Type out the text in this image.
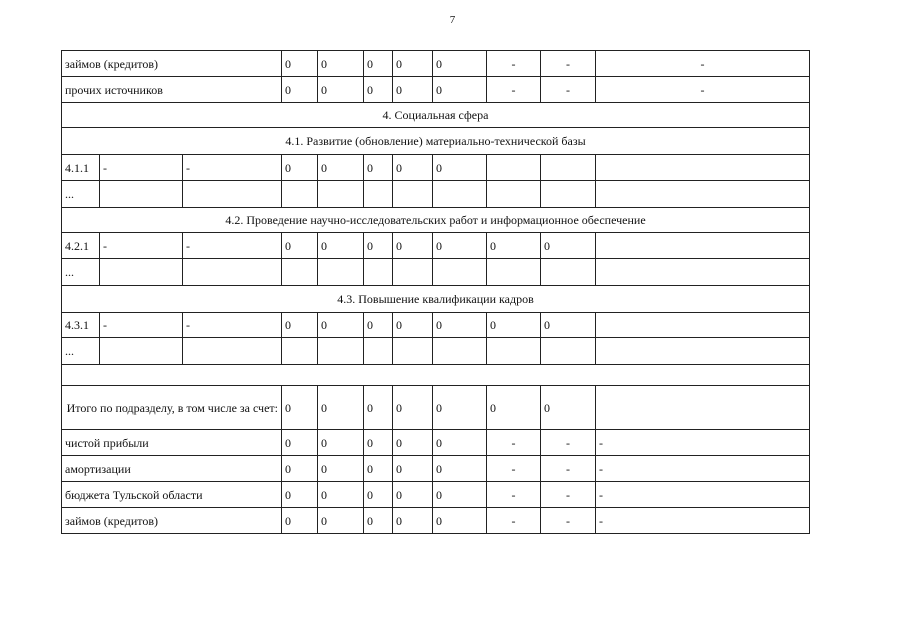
7
займов (кредитов)			0	0	0	0	0	-	-	-
прочих источников			0	0	0	0	0	-	-	-
4. Социальная сфера										
4.1. Развитие (обновление) материально-технической базы										
4.1.1	-	-	0	0	0	0	0			
...										
4.2. Проведение научно-исследовательских работ и информационное обеспечение										
4.2.1	-	-	0	0	0	0	0	0	0	
...										
4.3. Повышение квалификации кадров										
4.3.1	-	-	0	0	0	0	0	0	0	
...										

Итого по подразделу, в том числе за счет:			0	0	0	0	0	0	0	
чистой прибыли			0	0	0	0	0	-	-	-
амортизации			0	0	0	0	0	-	-	-
бюджета Тульской области			0	0	0	0	0	-	-	-
займов (кредитов)			0	0	0	0	0	-	-	-
